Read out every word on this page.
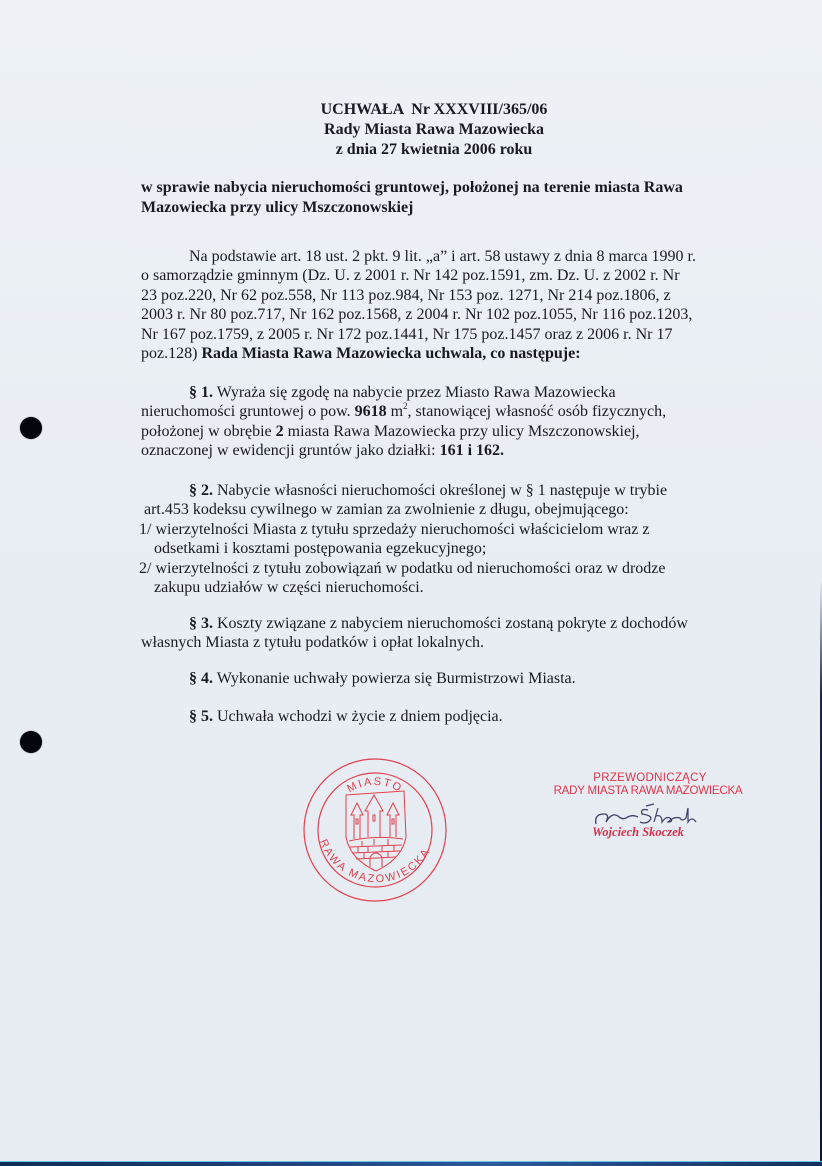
UCHWAŁA  Nr XXXVIII/365/06
Rady Miasta Rawa Mazowiecka
z dnia 27 kwietnia 2006 roku
w sprawie nabycia nieruchomości gruntowej, położonej na terenie miasta Rawa
Mazowiecka przy ulicy Mszczonowskiej
Na podstawie art. 18 ust. 2 pkt. 9 lit. „a” i art. 58 ustawy z dnia 8 marca 1990 r.
o samorządzie gminnym (Dz. U. z 2001 r. Nr 142 poz.1591, zm. Dz. U. z 2002 r. Nr
23 poz.220, Nr 62 poz.558, Nr 113 poz.984, Nr 153 poz. 1271, Nr 214 poz.1806, z
2003 r. Nr 80 poz.717, Nr 162 poz.1568, z 2004 r. Nr 102 poz.1055, Nr 116 poz.1203,
Nr 167 poz.1759, z 2005 r. Nr 172 poz.1441, Nr 175 poz.1457 oraz z 2006 r. Nr 17
poz.128) Rada Miasta Rawa Mazowiecka uchwala, co następuje:
§ 1. Wyraża się zgodę na nabycie przez Miasto Rawa Mazowiecka
nieruchomości gruntowej o pow. 9618 $m^2$, stanowiącej własność osób fizycznych,
położonej w obrębie 2 miasta Rawa Mazowiecka przy ulicy Mszczonowskiej,
oznaczonej w ewidencji gruntów jako działki: 161 i 162.
§ 2. Nabycie własności nieruchomości określonej w § 1 następuje w trybie
art.453 kodeksu cywilnego w zamian za zwolnienie z długu, obejmującego:
1/ wierzytelności Miasta z tytułu sprzedaży nieruchomości właścicielom wraz z
odsetkami i kosztami postępowania egzekucyjnego;
2/ wierzytelności z tytułu zobowiązań w podatku od nieruchomości oraz w drodze
zakupu udziałów w części nieruchomości.
§ 3. Koszty związane z nabyciem nieruchomości zostaną pokryte z dochodów
własnych Miasta z tytułu podatków i opłat lokalnych.
§ 4. Wykonanie uchwały powierza się Burmistrzowi Miasta.
§ 5. Uchwała wchodzi w życie z dniem podjęcia.
MIASTO
RAWA MAZOWIECKA
PRZEWODNICZĄCY
RADY MIASTA RAWA MAZOWIECKA
Wojciech Skoczek
